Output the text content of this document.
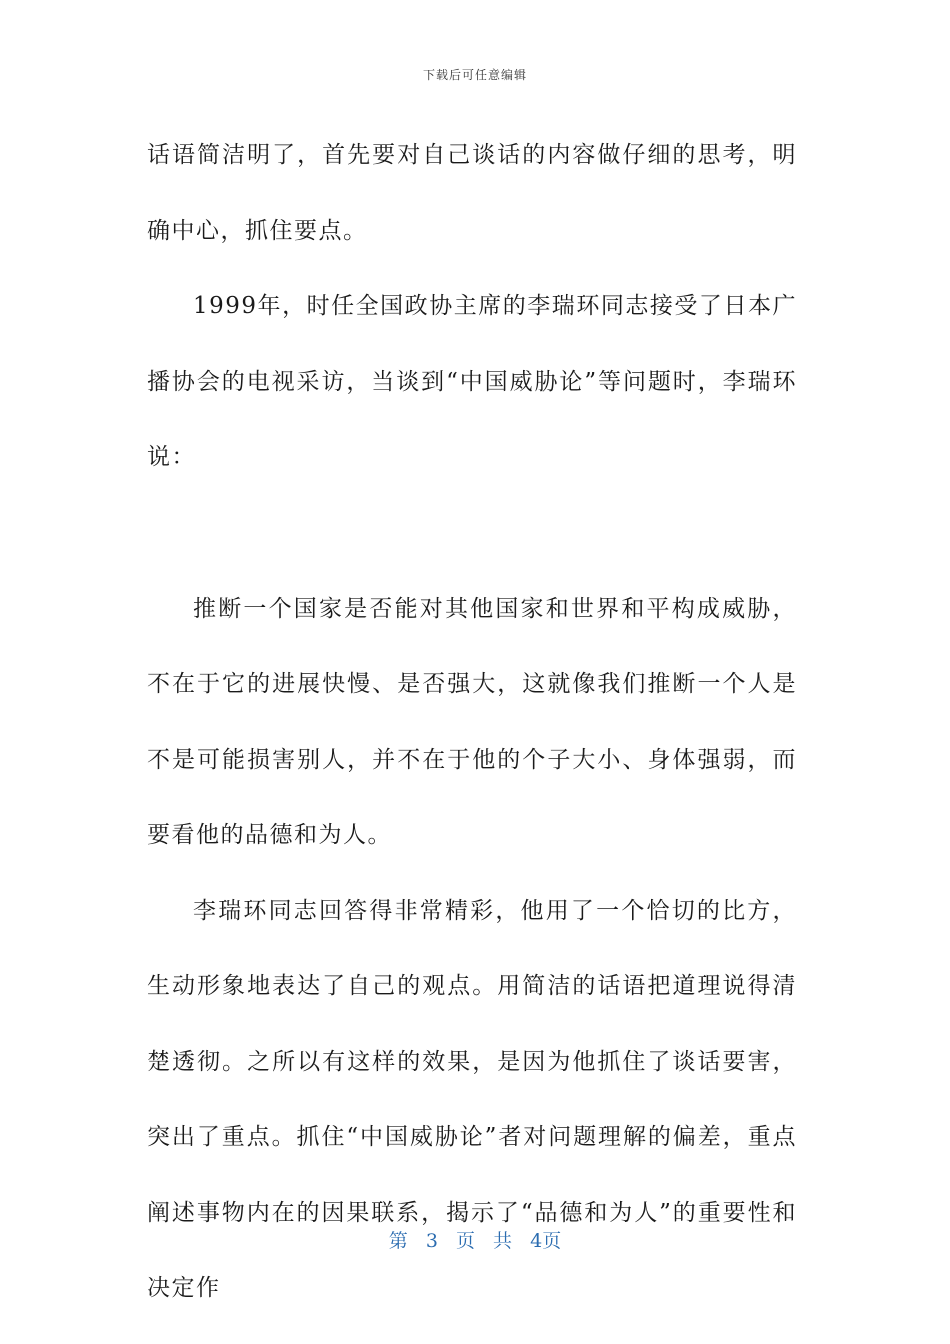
下载后可任意编辑

话语简洁明了，首先要对自己谈话的内容做仔细的思考，明确中心，抓住要点。

1999年，时任全国政协主席的李瑞环同志接受了日本广播协会的电视采访，当谈到“中国威胁论”等问题时，李瑞环说：

推断一个国家是否能对其他国家和世界和平构成威胁，不在于它的进展快慢、是否强大，这就像我们推断一个人是不是可能损害别人，并不在于他的个子大小、身体强弱，而要看他的品德和为人。

李瑞环同志回答得非常精彩，他用了一个恰切的比方，生动形象地表达了自己的观点。用简洁的话语把道理说得清楚透彻。之所以有这样的效果，是因为他抓住了谈话要害，突出了重点。抓住“中国威胁论”者对问题理解的偏差，重点阐述事物内在的因果联系，揭示了“品德和为人”的重要性和决定作

第 3 页 共 4页
